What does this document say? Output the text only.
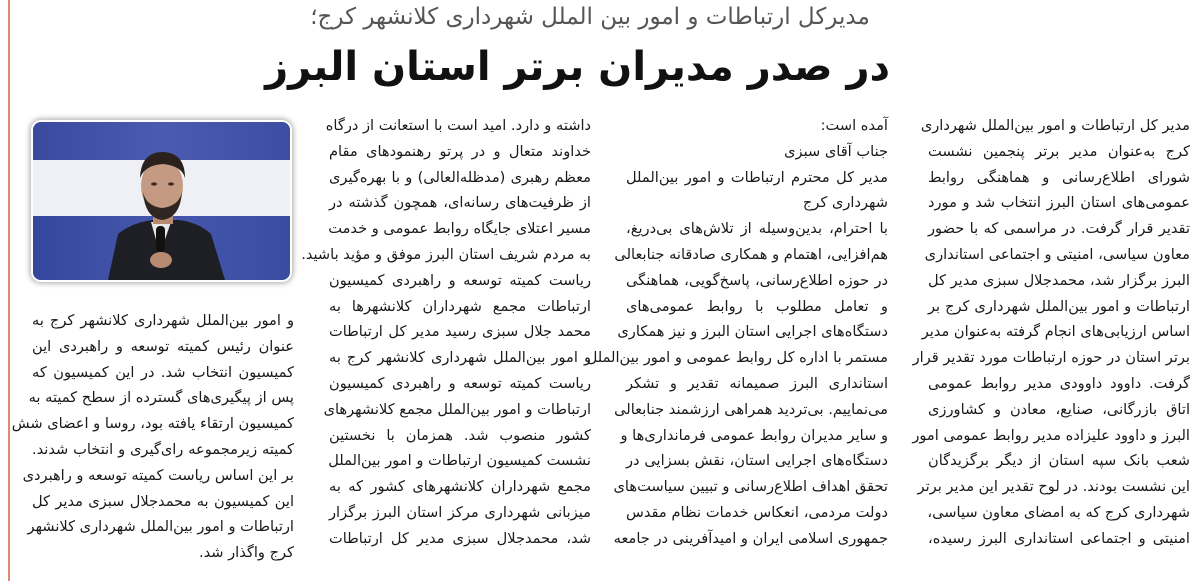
مدیرکل ارتباطات و امور بین الملل شهرداری کلانشهر کرج؛
در صدر مدیران برتر استان البرز

مدیر کل ارتباطات و امور بین‌الملل شهرداری

کرج به‌عنوان مدیر برتر پنجمین نشست

شورای اطلاع‌رسانی و هماهنگی روابط

عمومی‌های استان البرز انتخاب شد و مورد

تقدیر قرار گرفت. در مراسمی که با حضور

معاون سیاسی، امنیتی و اجتماعی استانداری

البرز برگزار شد، محمدجلال سبزی مدیر کل

ارتباطات و امور بین‌الملل شهرداری کرج بر

اساس ارزیابی‌های انجام گرفته به‌عنوان مدیر

برتر استان در حوزه ارتباطات مورد تقدیر قرار

گرفت. داوود داوودی مدیر روابط عمومی

اتاق بازرگانی، صنایع، معادن و کشاورزی

البرز و داوود علیزاده مدیر روابط عمومی امور

شعب بانک سپه استان از دیگر برگزیدگان

این نشست بودند. در لوح تقدیر این مدیر برتر

شهرداری کرج که به امضای معاون سیاسی،

امنیتی و اجتماعی استانداری البرز رسیده،

آمده است:

جناب آقای سبزی

مدیر کل محترم ارتباطات و امور بین‌الملل

شهرداری کرج

با احترام، بدین‌وسیله از تلاش‌های بی‌دریغ،

هم‌افزایی، اهتمام و همکاری صادقانه جنابعالی

در حوزه اطلاع‌رسانی، پاسخ‌گویی، هماهنگی

و تعامل مطلوب با روابط عمومی‌های

دستگاه‌های اجرایی استان البرز و نیز همکاری

مستمر با اداره کل روابط عمومی و امور بین‌الملل

استانداری البرز صمیمانه تقدیر و تشکر

می‌نماییم. بی‌تردید همراهی ارزشمند جنابعالی

و سایر مدیران روابط عمومی فرمانداری‌ها و

دستگاه‌های اجرایی استان، نقش بسزایی در

تحقق اهداف اطلاع‌رسانی و تبیین سیاست‌های

دولت مردمی، انعکاس خدمات نظام مقدس

جمهوری اسلامی ایران و امیدآفرینی در جامعه

داشته و دارد. امید است با استعانت از درگاه

خداوند متعال و در پرتو رهنمودهای مقام

معظم رهبری (مدظله‌العالی) و با بهره‌گیری

از ظرفیت‌های رسانه‌ای، همچون گذشته در

مسیر اعتلای جایگاه روابط عمومی و خدمت

به مردم شریف استان البرز موفق و مؤید باشید.

ریاست کمیته توسعه و راهبردی کمیسیون

ارتباطات مجمع شهرداران کلانشهرها به

محمد جلال سبزی رسید مدیر کل ارتباطات

و امور بین‌الملل شهرداری کلانشهر کرج به

ریاست کمیته توسعه و راهبردی کمیسیون

ارتباطات و امور بین‌الملل مجمع کلانشهرهای

کشور منصوب شد. همزمان با نخستین

نشست کمیسیون ارتباطات و امور بین‌الملل

مجمع شهرداران کلانشهرهای کشور که به

میزبانی شهرداری مرکز استان البرز برگزار

شد، محمدجلال سبزی مدیر کل ارتباطات

و امور بین‌الملل شهرداری کلانشهر کرج به

عنوان رئیس کمیته توسعه و راهبردی این

کمیسیون انتخاب شد. در این کمیسیون که

پس از پیگیری‌های گسترده از سطح کمیته به

کمیسیون ارتقاء یافته بود، روسا و اعضای شش

کمیته زیرمجموعه رای‌گیری و انتخاب شدند.

بر این اساس ریاست کمیته توسعه و راهبردی

این کمیسیون به محمدجلال سبزی مدیر کل

ارتباطات و امور بین‌الملل شهرداری کلانشهر

کرج واگذار شد.
